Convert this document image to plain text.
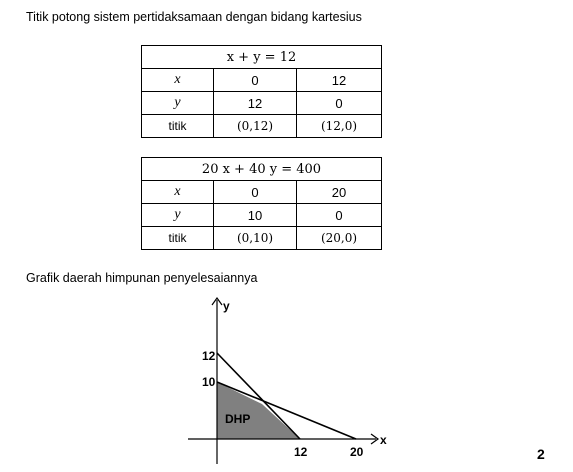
Titik potong sistem pertidaksamaan dengan bidang kartesius
x + y = 12		
x	0	12
y	12	0
titik	(0,12)	(12,0)
20 x + 40 y = 400		
x	0	20
y	10	0
titik	(0,10)	(20,0)
Grafik daerah himpunan penyelesaiannya
y
x
12
10
12	20
DHP
2
